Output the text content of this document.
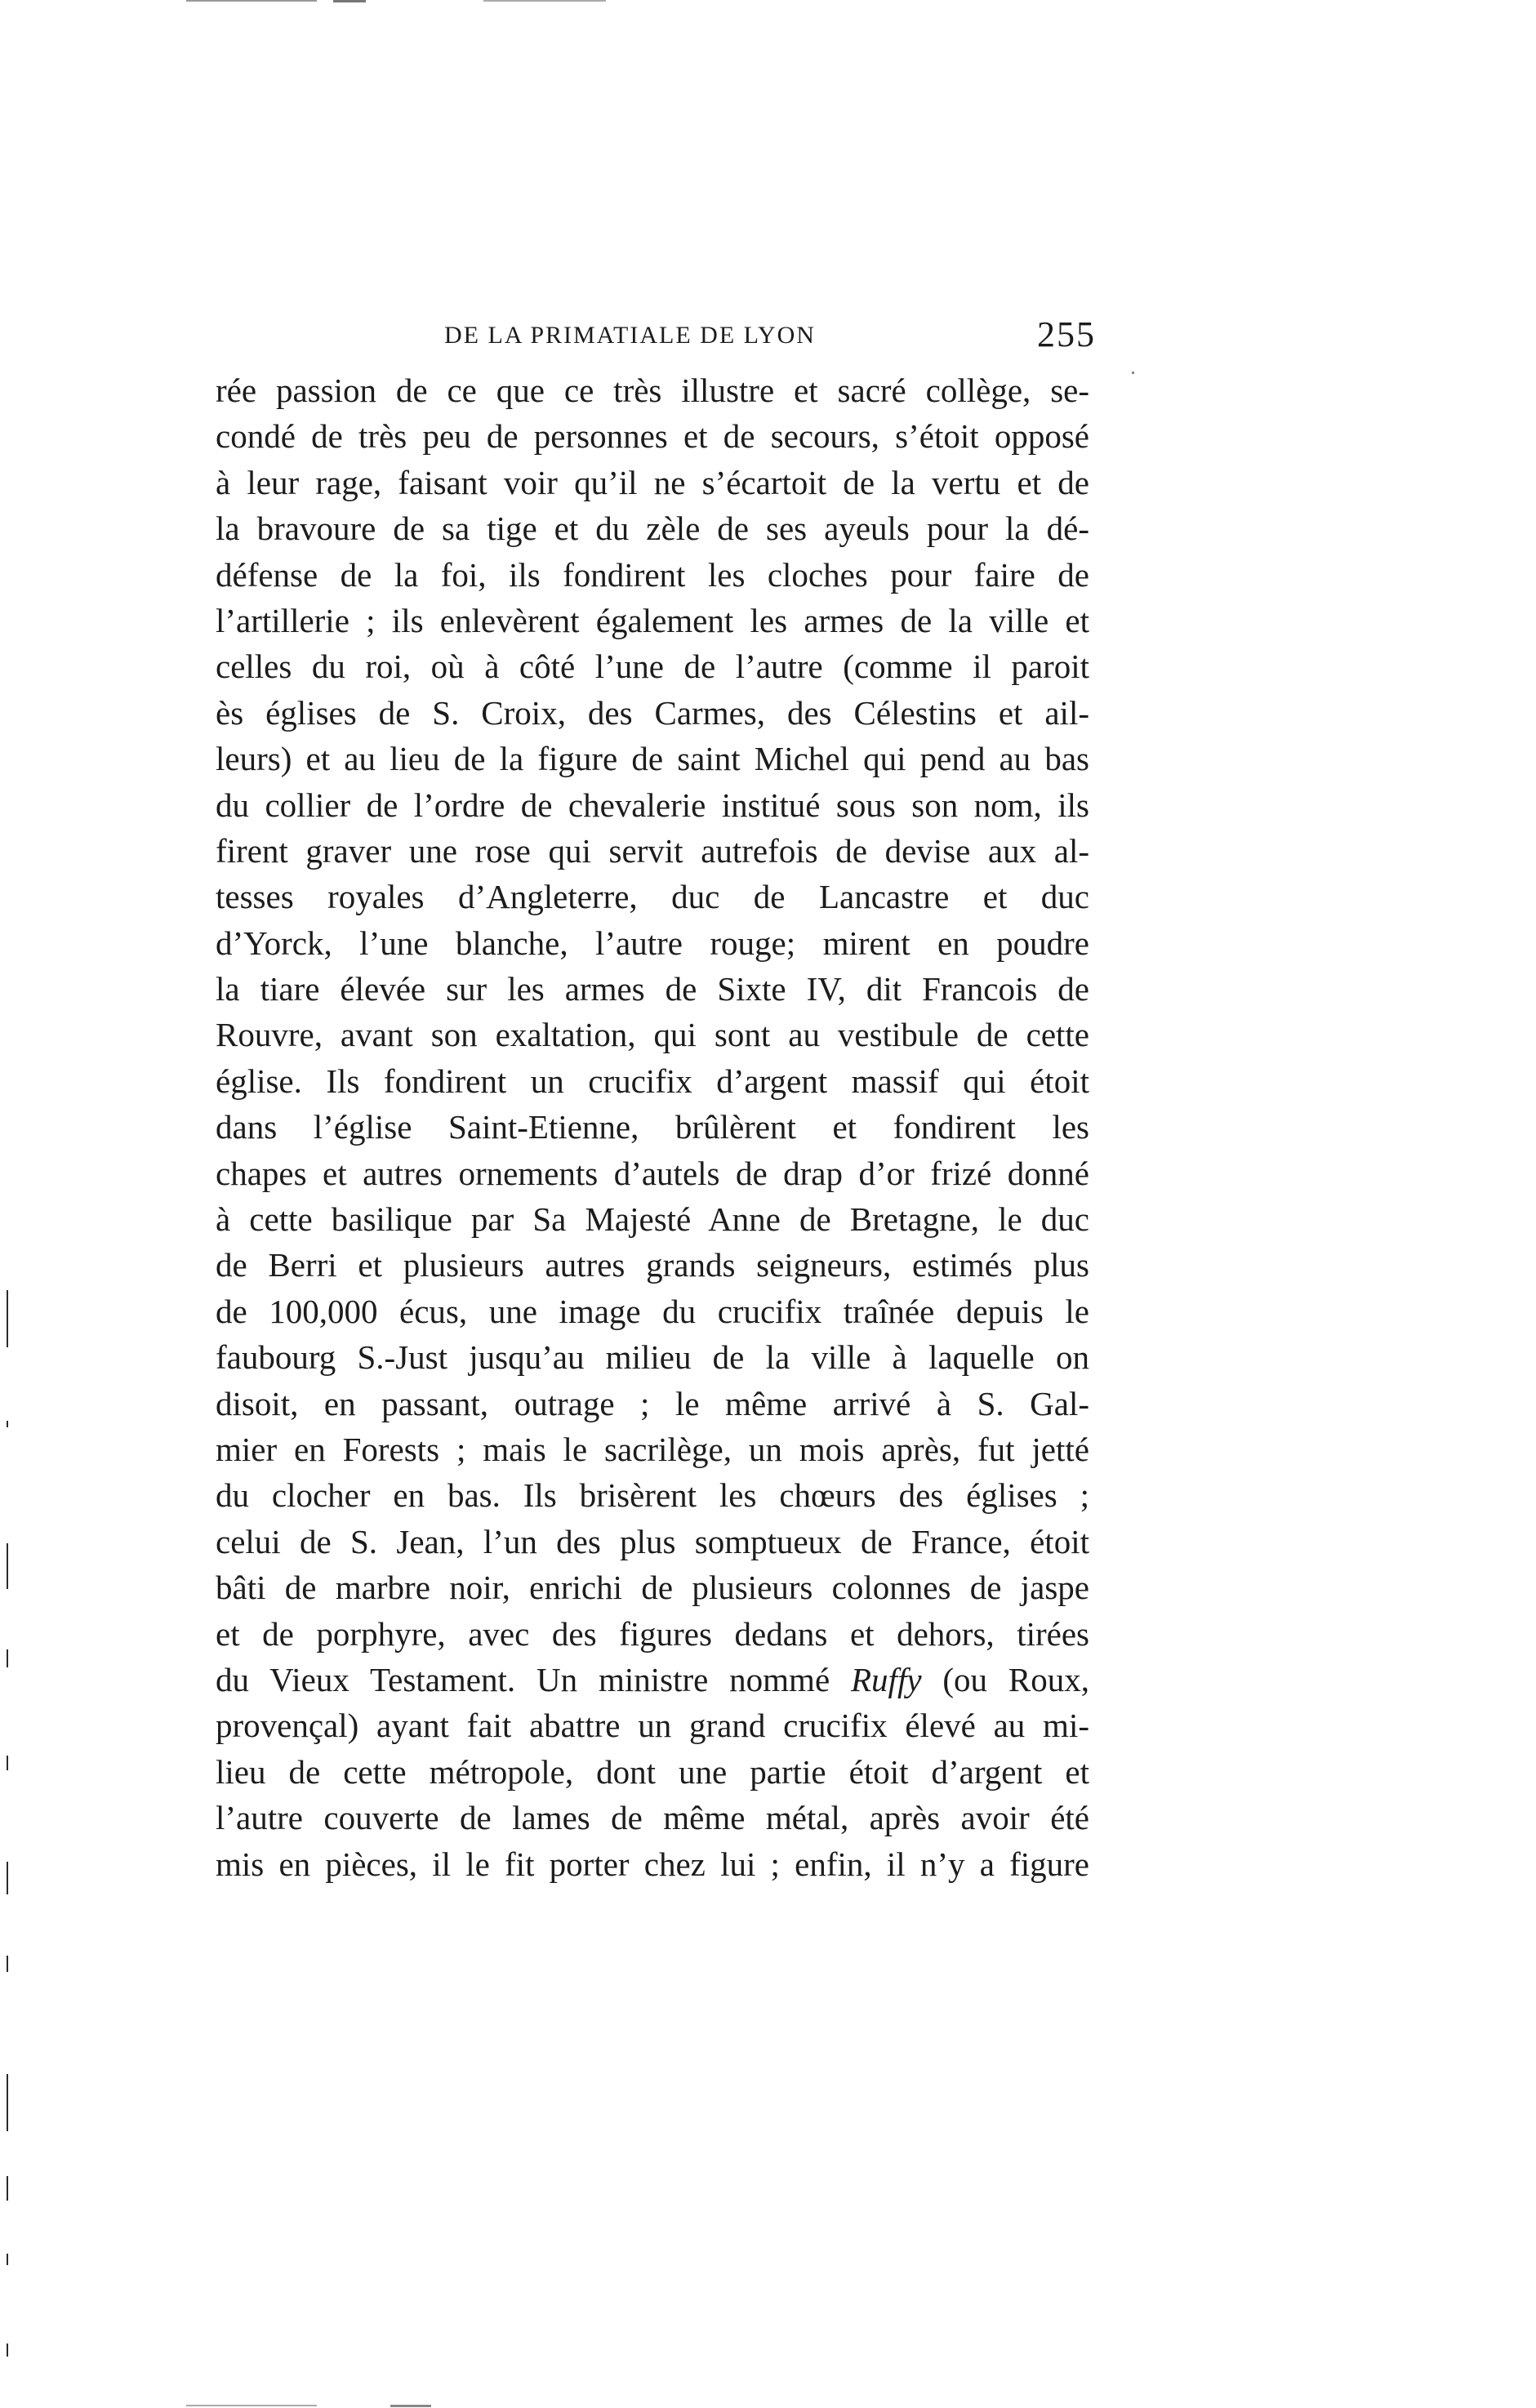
DE LA PRIMATIALE DE LYON	255
rée passion de ce que ce très illustre et sacré collège, se-
condé de très peu de personnes et de secours, s’étoit opposé
à leur rage, faisant voir qu’il ne s’écartoit de la vertu et de
la bravoure de sa tige et du zèle de ses ayeuls pour la dé-
défense de la foi, ils fondirent les cloches pour faire de
l’artillerie ; ils enlevèrent également les armes de la ville et
celles du roi, où à côté l’une de l’autre (comme il paroit
ès églises de S. Croix, des Carmes, des Célestins et ail-
leurs) et au lieu de la figure de saint Michel qui pend au bas
du collier de l’ordre de chevalerie institué sous son nom, ils
firent graver une rose qui servit autrefois de devise aux al-
tesses royales d’Angleterre, duc de Lancastre et duc
d’Yorck, l’une blanche, l’autre rouge; mirent en poudre
la tiare élevée sur les armes de Sixte IV, dit Francois de
Rouvre, avant son exaltation, qui sont au vestibule de cette
église. Ils fondirent un crucifix d’argent massif qui étoit
dans l’église Saint-Etienne, brûlèrent et fondirent les
chapes et autres ornements d’autels de drap d’or frizé donné
à cette basilique par Sa Majesté Anne de Bretagne, le duc
de Berri et plusieurs autres grands seigneurs, estimés plus
de 100,000 écus, une image du crucifix traînée depuis le
faubourg S.-Just jusqu’au milieu de la ville à laquelle on
disoit, en passant, outrage ; le même arrivé à S. Gal-
mier en Forests ; mais le sacrilège, un mois après, fut jetté
du clocher en bas. Ils brisèrent les chœurs des églises ;
celui de S. Jean, l’un des plus somptueux de France, étoit
bâti de marbre noir, enrichi de plusieurs colonnes de jaspe
et de porphyre, avec des figures dedans et dehors, tirées
du Vieux Testament. Un ministre nommé Ruffy (ou Roux,
provençal) ayant fait abattre un grand crucifix élevé au mi-
lieu de cette métropole, dont une partie étoit d’argent et
l’autre couverte de lames de même métal, après avoir été
mis en pièces, il le fit porter chez lui ; enfin, il n’y a figure
